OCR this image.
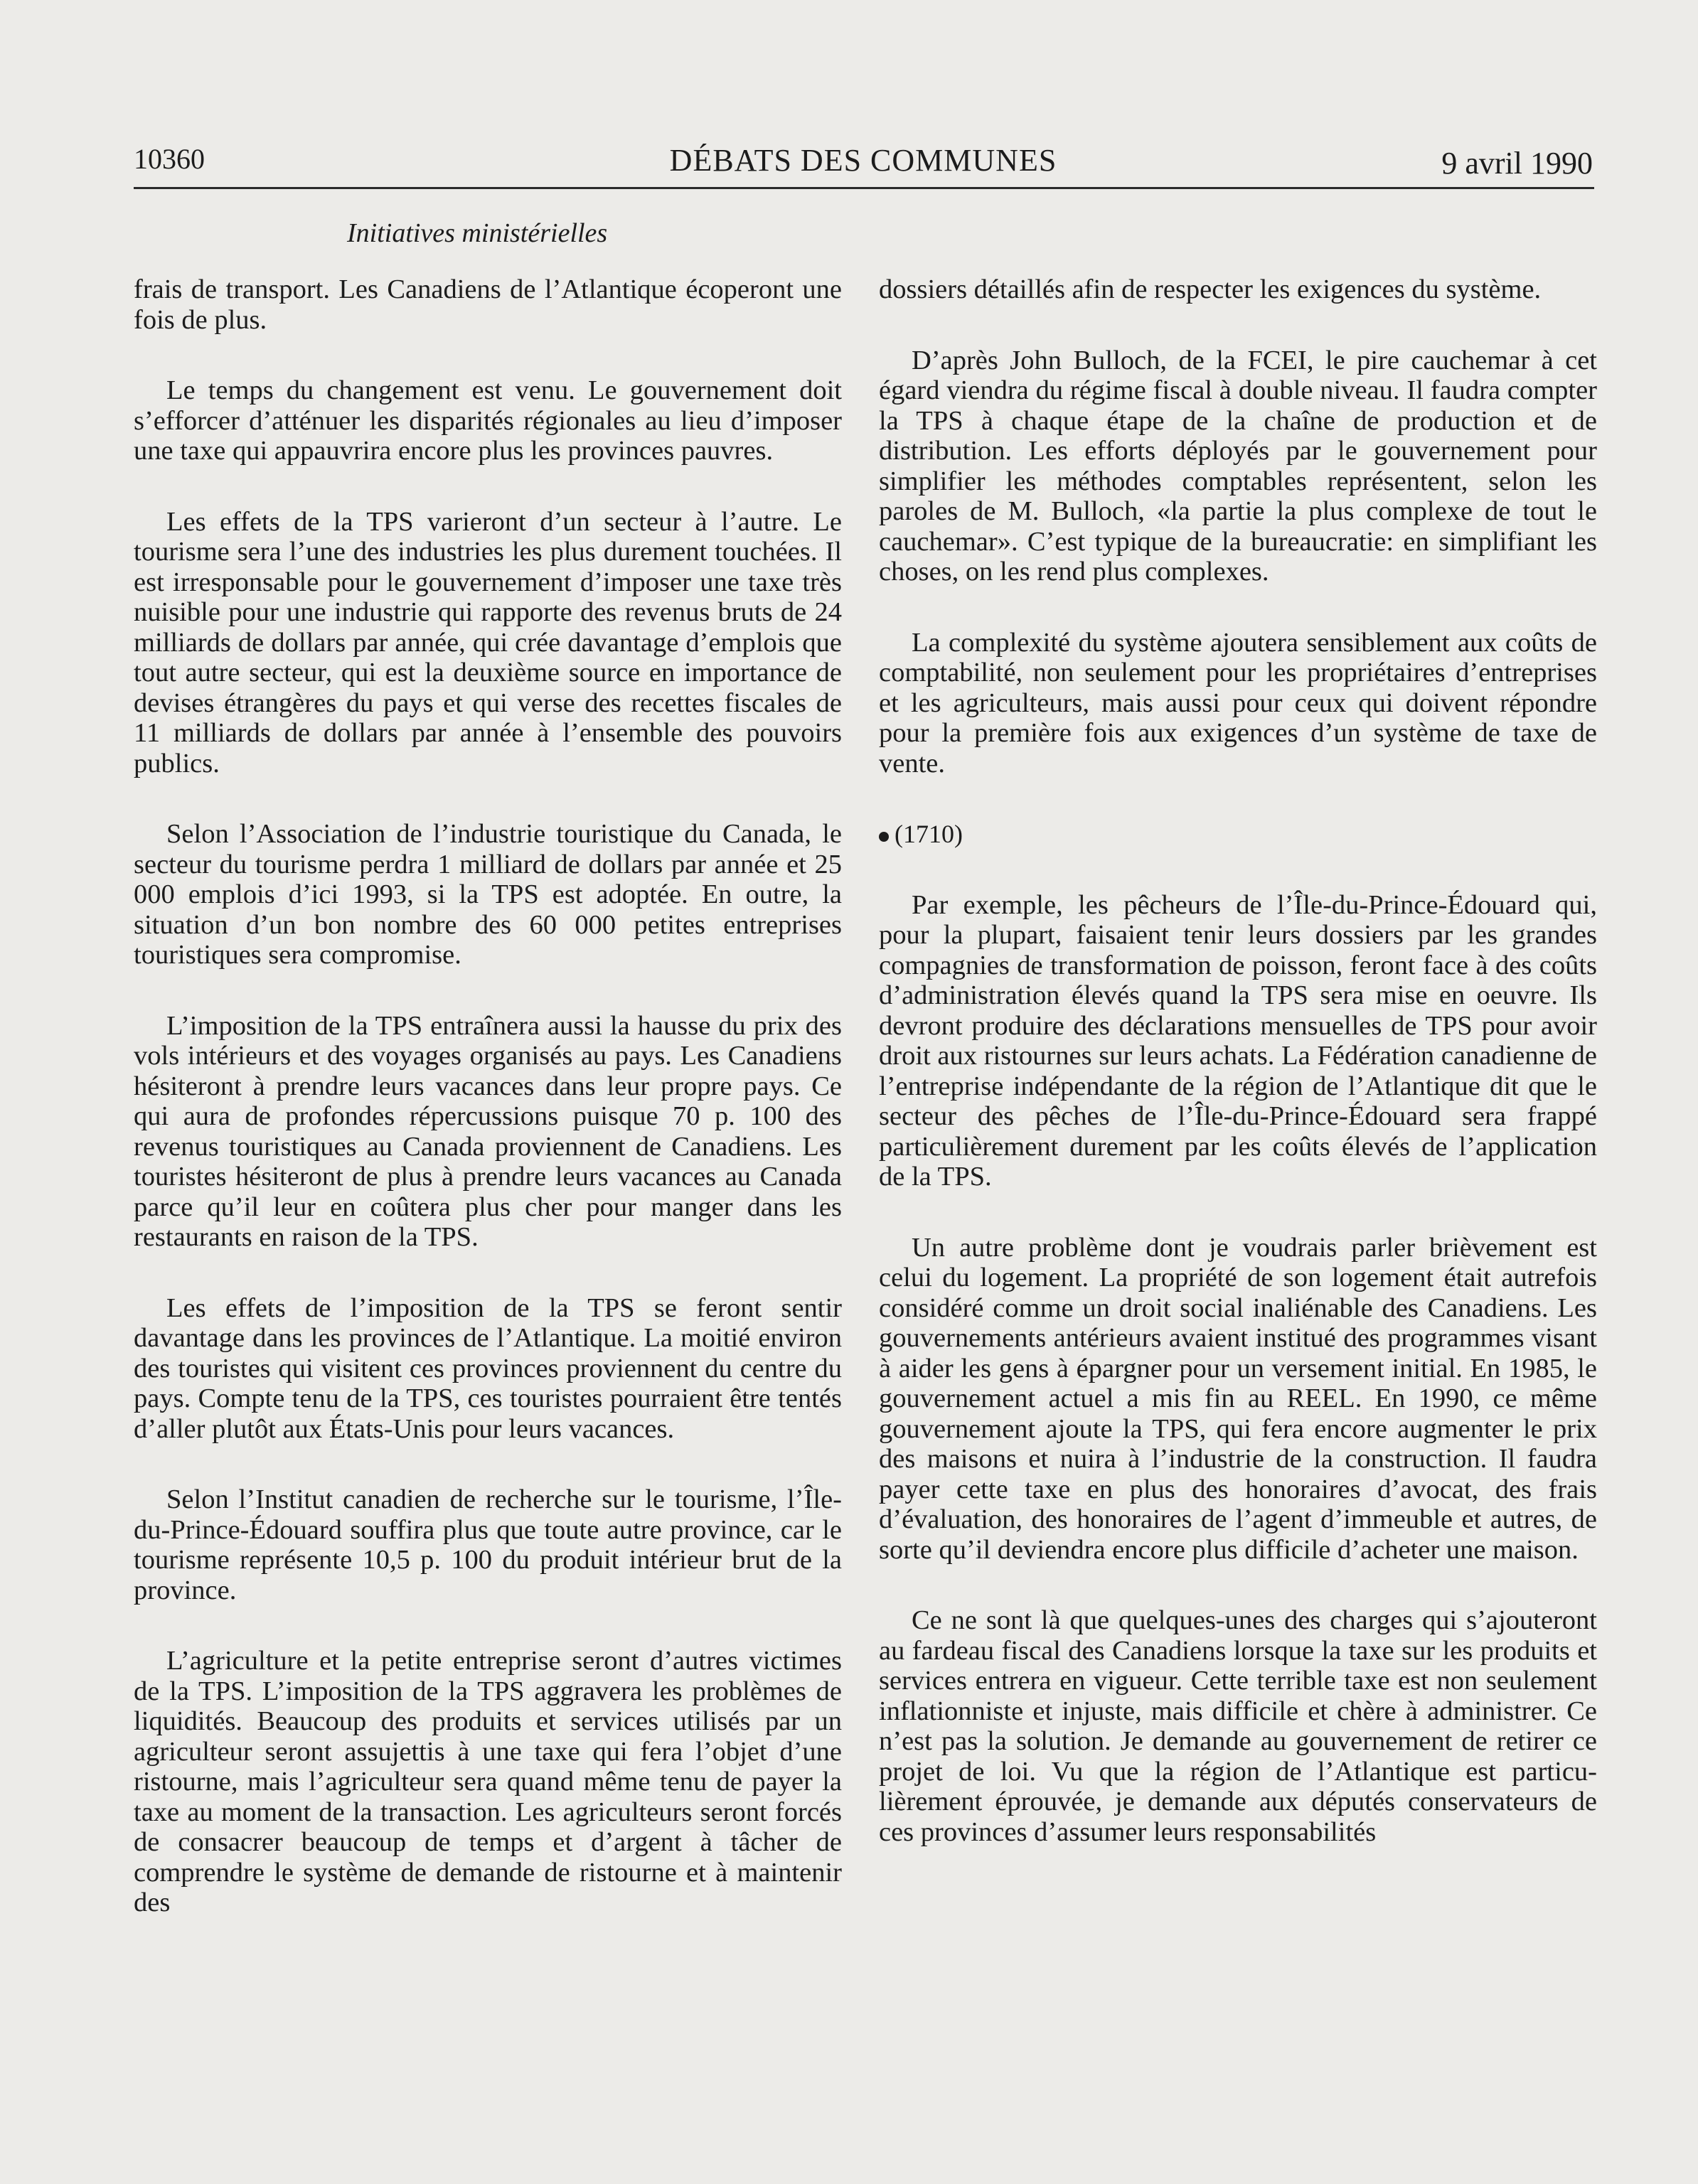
10360	DÉBATS DES COMMUNES	9 avril 1990
Initiatives ministérielles

frais de transport. Les Canadiens de l’Atlantique écoperont une fois de plus.

Le temps du changement est venu. Le gouvernement doit s’efforcer d’atténuer les disparités régionales au lieu d’imposer une taxe qui appauvrira encore plus les provinces pauvres.

Les effets de la TPS varieront d’un secteur à l’autre. Le tourisme sera l’une des industries les plus durement touchées. Il est irresponsable pour le gouvernement d’imposer une taxe très nuisible pour une industrie qui rapporte des revenus bruts de 24 milliards de dollars par année, qui crée davantage d’emplois que tout autre secteur, qui est la deuxième source en importance de devises étrangères du pays et qui verse des recettes fiscales de 11 milliards de dollars par année à l’ensemble des pouvoirs publics.

Selon l’Association de l’industrie touristique du Canada, le secteur du tourisme perdra 1 milliard de dollars par année et 25 000 emplois d’ici 1993, si la TPS est adoptée. En outre, la situation d’un bon nombre des 60 000 petites entreprises touristiques sera compromise.

L’imposition de la TPS entraînera aussi la hausse du prix des vols intérieurs et des voyages organisés au pays. Les Canadiens hésiteront à prendre leurs vacances dans leur propre pays. Ce qui aura de profondes répercussions puisque 70 p. 100 des revenus touristiques au Canada proviennent de Canadiens. Les touristes hésiteront de plus à prendre leurs vacances au Canada parce qu’il leur en coûtera plus cher pour manger dans les restaurants en raison de la TPS.

Les effets de l’imposition de la TPS se feront sentir davantage dans les provinces de l’Atlantique. La moitié environ des touristes qui visitent ces provinces proviennent du centre du pays. Compte tenu de la TPS, ces touristes pourraient être tentés d’aller plutôt aux États-Unis pour leurs vacances.

Selon l’Institut canadien de recherche sur le tourisme, l’Île-du-Prince-Édouard souffira plus que toute autre province, car le tourisme représente 10,5 p. 100 du produit intérieur brut de la province.

L’agriculture et la petite entreprise seront d’autres victimes de la TPS. L’imposition de la TPS aggravera les problèmes de liquidités. Beaucoup des produits et services utilisés par un agriculteur seront assujettis à une taxe qui fera l’objet d’une ristourne, mais l’agriculteur sera quand même tenu de payer la taxe au moment de la transaction. Les agriculteurs seront forcés de consacrer beaucoup de temps et d’argent à tâcher de comprendre le système de demande de ristourne et à maintenir des

dossiers détaillés afin de respecter les exigences du système.

D’après John Bulloch, de la FCEI, le pire cauchemar à cet égard viendra du régime fiscal à double niveau. Il faudra compter la TPS à chaque étape de la chaîne de production et de distribution. Les efforts déployés par le gouvernement pour simplifier les méthodes comptables représentent, selon les paroles de M. Bulloch, «la partie la plus complexe de tout le cauchemar». C’est typique de la bureaucratie: en simplifiant les choses, on les rend plus complexes.

La complexité du système ajoutera sensiblement aux coûts de comptabilité, non seulement pour les propriétaires d’entreprises et les agriculteurs, mais aussi pour ceux qui doivent répondre pour la première fois aux exigences d’un système de taxe de vente.

(1710)

Par exemple, les pêcheurs de l’Île-du-Prince-Édouard qui, pour la plupart, faisaient tenir leurs dossiers par les grandes compagnies de transformation de poisson, feront face à des coûts d’administration élevés quand la TPS sera mise en oeuvre. Ils devront produire des déclarations mensuelles de TPS pour avoir droit aux ristournes sur leurs achats. La Fédération canadienne de l’entreprise indépendante de la région de l’Atlantique dit que le secteur des pêches de l’Île-du-Prince-Édouard sera frappé particulièrement durement par les coûts élevés de l’application de la TPS.

Un autre problème dont je voudrais parler brièvement est celui du logement. La propriété de son logement était autrefois considéré comme un droit social inaliénable des Canadiens. Les gouvernements antérieurs avaient institué des programmes visant à aider les gens à épargner pour un versement initial. En 1985, le gouvernement actuel a mis fin au REEL. En 1990, ce même gouvernement ajoute la TPS, qui fera encore augmenter le prix des maisons et nuira à l’industrie de la construction. Il faudra payer cette taxe en plus des honoraires d’avocat, des frais d’évaluation, des honoraires de l’agent d’immeuble et autres, de sorte qu’il deviendra encore plus difficile d’acheter une maison.

Ce ne sont là que quelques-unes des charges qui s’ajouteront au fardeau fiscal des Canadiens lorsque la taxe sur les produits et services entrera en vigueur. Cette terrible taxe est non seulement inflationniste et injuste, mais difficile et chère à administrer. Ce n’est pas la solution. Je demande au gouvernement de retirer ce projet de loi. Vu que la région de l’Atlantique est particulièrement éprouvée, je demande aux députés conservateurs de ces provinces d’assumer leurs responsabilités
